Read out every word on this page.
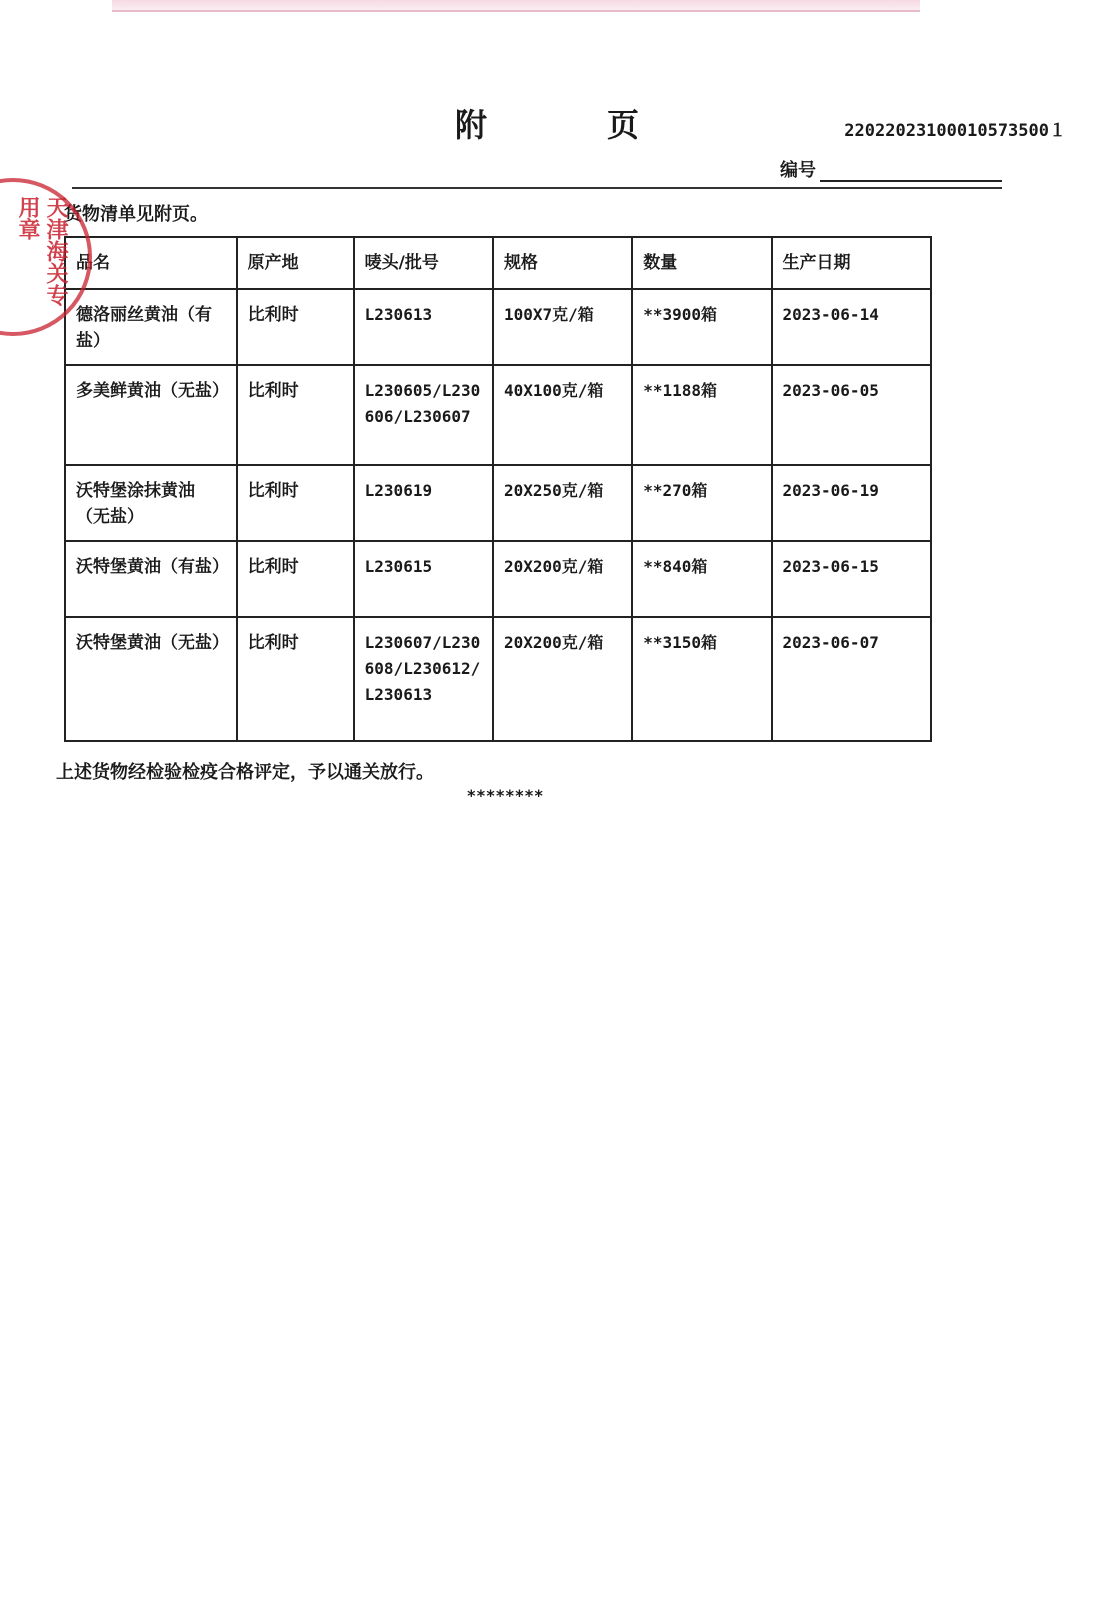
附页	22022023100010573500１
编号
货物清单见附页。
品名	原产地	唛头/批号	规格	数量	生产日期
德洛丽丝黄油（有盐）	比利时	L230613	100X7克/箱	**3900箱	2023-06-14
多美鲜黄油（无盐）	比利时	L230605/L230606/L230607	40X100克/箱	**1188箱	2023-06-05
沃特堡涂抹黄油（无盐）	比利时	L230619	20X250克/箱	**270箱	2023-06-19
沃特堡黄油（有盐）	比利时	L230615	20X200克/箱	**840箱	2023-06-15
沃特堡黄油（无盐）	比利时	L230607/L230608/L230612/L230613	20X200克/箱	**3150箱	2023-06-07
上述货物经检验检疫合格评定，予以通关放行。
********
天津海关专用章
